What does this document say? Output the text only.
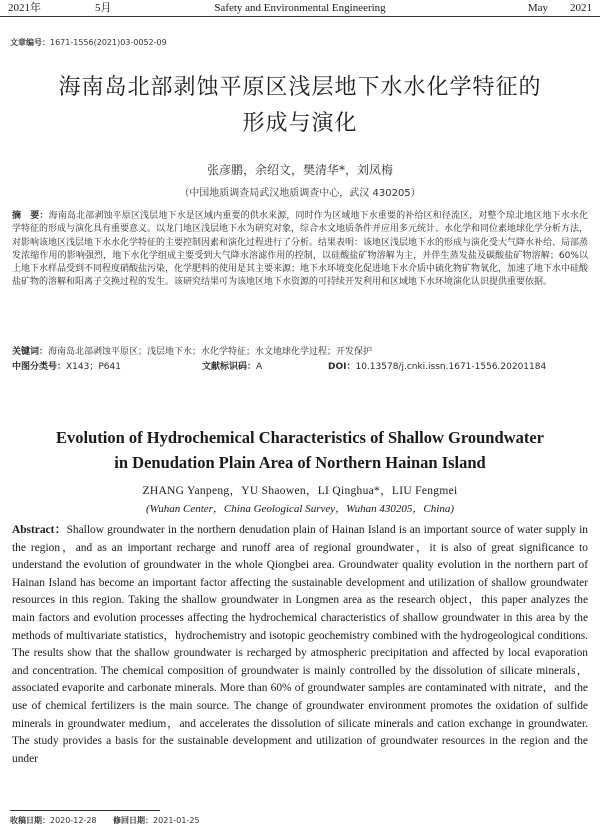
2021年	5月	Safety and Environmental Engineering	May 2021
文章编号：1671-1556(2021)03-0052-09
海南岛北部剥蚀平原区浅层地下水水化学特征的
形成与演化
张彦鹏，余绍文，樊清华*，刘凤梅
（中国地质调查局武汉地质调查中心，武汉 430205）
摘　要：海南岛北部剥蚀平原区浅层地下水是区域内重要的供水来源，同时作为区域地下水重要的补给区和径流区，对整个琼北地区地下水水化学特征的形成与演化具有重要意义。以龙门地区浅层地下水为研究对象，综合水文地质条件并应用多元统计、水化学和同位素地球化学分析方法，对影响该地区浅层地下水水化学特征的主要控制因素和演化过程进行了分析。结果表明：该地区浅层地下水的形成与演化受大气降水补给、局部蒸发浓缩作用的影响强烈，地下水化学组成主要受到大气降水溶滤作用的控制，以硅酸盐矿物溶解为主，并伴生蒸发盐及碳酸盐矿物溶解；60%以上地下水样品受到不同程度硝酸盐污染，化学肥料的使用是其主要来源；地下水环境变化促进地下水介质中硫化物矿物氧化，加速了地下水中硅酸盐矿物的溶解和阳离子交换过程的发生。该研究结果可为该地区地下水资源的可持续开发利用和区域地下水环境演化认识提供重要依据。
关键词：海南岛北部剥蚀平原区；浅层地下水；水化学特征；水文地球化学过程；开发保护
中图分类号：X143；P641	文献标识码：A	DOI：10.13578/j.cnki.issn.1671-1556.20201184
Evolution of Hydrochemical Characteristics of Shallow Groundwater
in Denudation Plain Area of Northern Hainan Island
ZHANG Yanpeng，YU Shaowen，LI Qinghua*，LIU Fengmei
(Wuhan Center，China Geological Survey，Wuhan 430205，China)
Abstract：Shallow groundwater in the northern denudation plain of Hainan Island is an important source of water supply in the region，and as an important recharge and runoff area of regional groundwater，it is also of great significance to understand the evolution of groundwater in the whole Qiongbei area. Groundwater quality evolution in the northern part of Hainan Island has become an important factor affecting the sustainable development and utilization of shallow groundwater resources in this region. Taking the shallow groundwater in Longmen area as the research object，this paper analyzes the main factors and evolution processes affecting the hydrochemical characteristics of shallow groundwater in this area by the methods of multivariate statistics，hydrochemistry and isotopic geochemistry combined with the hydrogeological conditions. The results show that the shallow groundwater is recharged by atmospheric precipitation and affected by local evaporation and concentration. The chemical composition of groundwater is mainly controlled by the dissolution of silicate minerals，associated evaporite and carbonate minerals. More than 60% of groundwater samples are contaminated with nitrate，and the use of chemical fertilizers is the main source. The change of groundwater environment promotes the oxidation of sulfide minerals in groundwater medium，and accelerates the dissolution of silicate minerals and cation exchange in groundwater. The study provides a basis for the sustainable development and utilization of groundwater resources in the region and the under
收稿日期：2020-12-28 修回日期：2021-01-25
